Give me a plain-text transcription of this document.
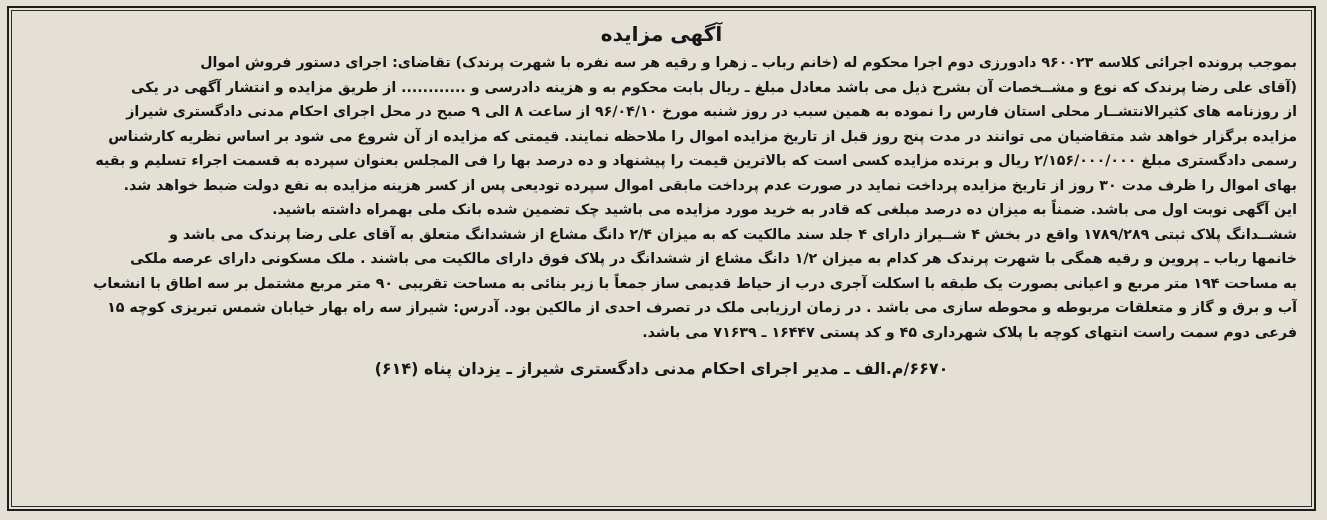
آگهی مزایده
بموجب پرونده اجرائی کلاسه ۹۶۰۰۲۳ دادورزی دوم اجرا محکوم له (خانم رباب ـ زهرا و رقیه هر سه نفره با شهرت پرندک) تقاضای: اجرای دستور فروش اموال
(آقای علی رضا پرندک که نوع و مشــخصات آن بشرح ذیل می باشد معادل مبلغ ـ ریال بابت محکوم به و هزینه دادرسی و ............ از طریق مزایده و انتشار آگهی در یکی
از روزنامه های کثیرالانتشــار محلی استان فارس را نموده به همین سبب در روز شنبه مورخ ۹۶/۰۴/۱۰ از ساعت ۸ الی ۹ صبح در محل اجرای احکام مدنی دادگستری شیراز
مزایده برگزار خواهد شد متقاضیان می توانند در مدت پنج روز قبل از تاریخ مزایده اموال را ملاحظه نمایند. قیمتی که مزایده از آن شروع می شود بر اساس نظریه کارشناس
رسمی دادگستری مبلغ ۲/۱۵۶/۰۰۰/۰۰۰ ریال و برنده مزایده کسی است که بالاترین قیمت را پیشنهاد و ده درصد بها را فی المجلس بعنوان سپرده به قسمت اجراء تسلیم و بقیه
بهای اموال را ظرف مدت ۳۰ روز از تاریخ مزایده پرداخت نماید در صورت عدم پرداخت مابقی اموال سپرده تودیعی پس از کسر هزینه مزایده به نفع دولت ضبط خواهد شد.
این آگهی نوبت اول می باشد. ضمناً به میزان ده درصد مبلغی که قادر به خرید مورد مزایده می باشید چک تضمین شده بانک ملی بهمراه داشته باشید.
ششــدانگ پلاک ثبتی ۱۷۸۹/۲۸۹ واقع در بخش ۴ شــیراز دارای ۴ جلد سند مالکیت که به میزان ۲/۴ دانگ مشاع از ششدانگ متعلق به آقای علی رضا پرندک می باشد و
خانمها رباب ـ پروین و رقیه همگی با شهرت پرندک هر کدام به میزان ۱/۲ دانگ مشاع از ششدانگ در پلاک فوق دارای مالکیت می باشند . ملک مسکونی دارای عرصه ملکی
به مساحت ۱۹۴ متر مربع و اعیانی بصورت یک طبقه با اسکلت آجری درب از حیاط قدیمی ساز جمعاً با زیر بنائی به مساحت تقریبی ۹۰ متر مربع مشتمل بر سه اطاق با انشعاب
آب و برق و گاز و متعلقات مربوطه و محوطه سازی می باشد . در زمان ارزیابی ملک در تصرف احدی از مالکین بود. آدرس: شیراز سه راه بهار خیابان شمس تبریزی کوچه ۱۵
فرعی دوم سمت راست انتهای کوچه با پلاک شهرداری ۴۵ و کد پستی ۱۶۴۴۷ ـ ۷۱۶۳۹ می باشد.
۶۶۷۰/م.الف ـ مدیر اجرای احکام مدنی دادگستری شیراز ـ یزدان پناه (۶۱۴)
